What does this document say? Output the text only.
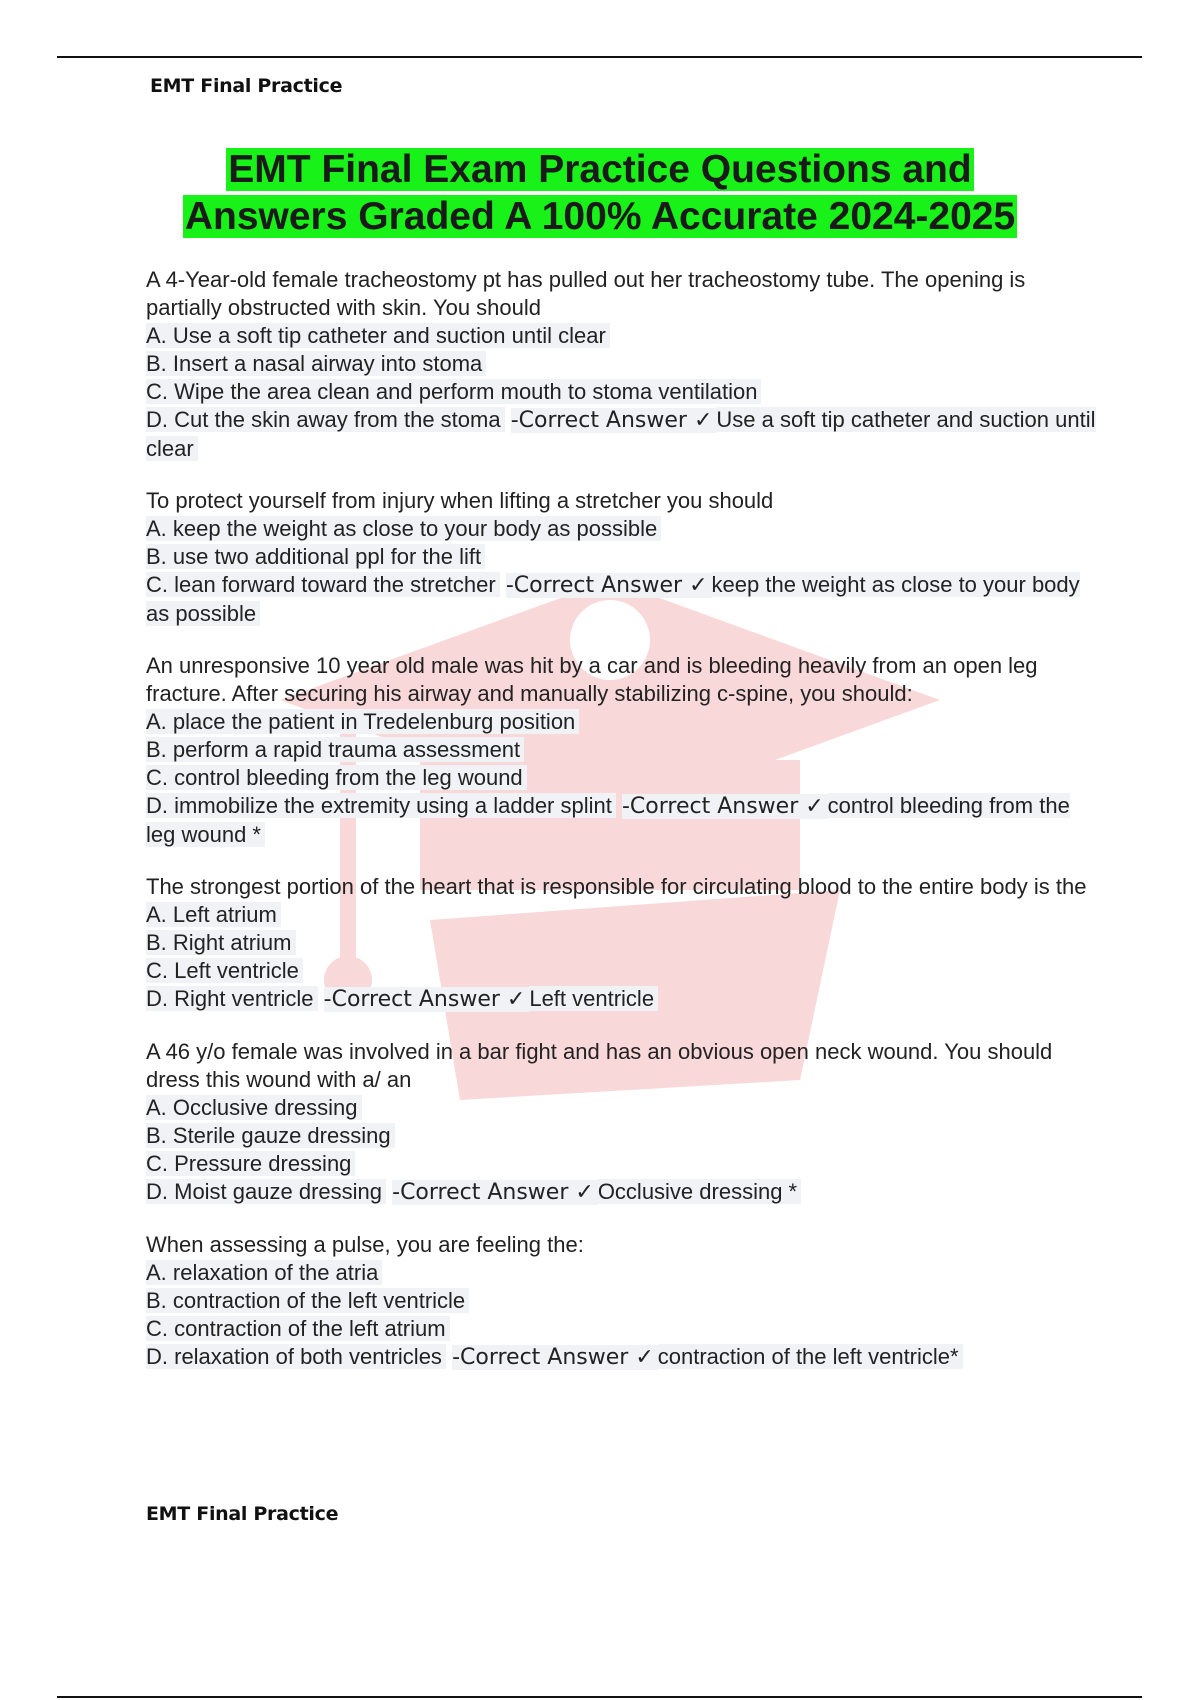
EMT Final Practice
EMT Final Exam Practice Questions and
Answers Graded A 100% Accurate 2024-2025

A 4-Year-old female tracheostomy pt has pulled out her tracheostomy tube. The opening is partially obstructed with skin. You should

A. Use a soft tip catheter and suction until clear

B. Insert a nasal airway into stoma

C. Wipe the area clean and perform mouth to stoma ventilation

D. Cut the skin away from the stoma -Correct Answer ✓ Use a soft tip catheter and suction until clear

To protect yourself from injury when lifting a stretcher you should

A. keep the weight as close to your body as possible

B. use two additional ppl for the lift

C. lean forward toward the stretcher -Correct Answer ✓ keep the weight as close to your body as possible

An unresponsive 10 year old male was hit by a car and is bleeding heavily from an open leg fracture. After securing his airway and manually stabilizing c-spine, you should:

A. place the patient in Tredelenburg position

B. perform a rapid trauma assessment

C. control bleeding from the leg wound

D. immobilize the extremity using a ladder splint -Correct Answer ✓ control bleeding from the leg wound *

The strongest portion of the heart that is responsible for circulating blood to the entire body is the

A. Left atrium

B. Right atrium

C. Left ventricle

D. Right ventricle -Correct Answer ✓ Left ventricle

A 46 y/o female was involved in a bar fight and has an obvious open neck wound. You should dress this wound with a/ an

A. Occlusive dressing

B. Sterile gauze dressing

C. Pressure dressing

D. Moist gauze dressing -Correct Answer ✓ Occlusive dressing *

When assessing a pulse, you are feeling the:

A. relaxation of the atria

B. contraction of the left ventricle

C. contraction of the left atrium

D. relaxation of both ventricles -Correct Answer ✓ contraction of the left ventricle*

EMT Final Practice
